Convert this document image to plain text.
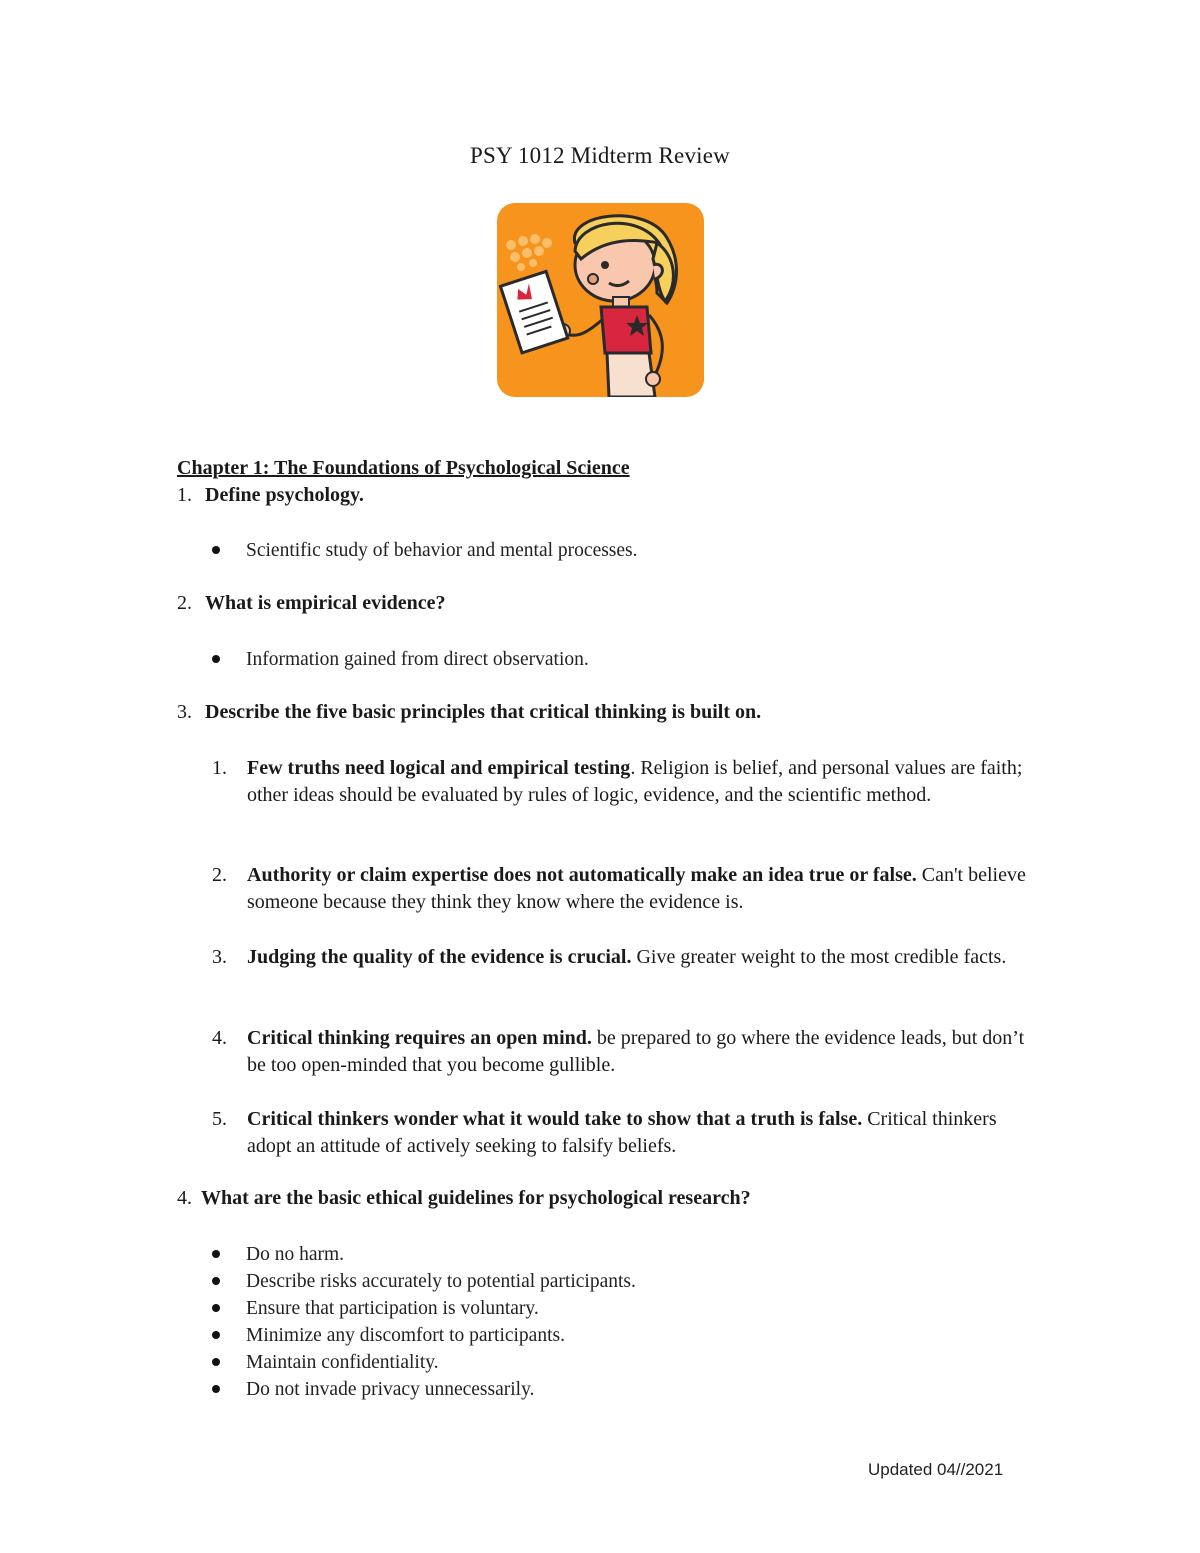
PSY 1012 Midterm Review
Chapter 1: The Foundations of Psychological Science
1. Define psychology.
Scientific study of behavior and mental processes.
2. What is empirical evidence?
Information gained from direct observation.
3. Describe the five basic principles that critical thinking is built on.
1. Few truths need logical and empirical testing. Religion is belief, and personal values are faith; other ideas should be evaluated by rules of logic, evidence, and the scientific method.
2. Authority or claim expertise does not automatically make an idea true or false. Can't believe someone because they think they know where the evidence is.
3. Judging the quality of the evidence is crucial. Give greater weight to the most credible facts.
4. Critical thinking requires an open mind. be prepared to go where the evidence leads, but don’t be too open-minded that you become gullible.
5. Critical thinkers wonder what it would take to show that a truth is false. Critical thinkers adopt an attitude of actively seeking to falsify beliefs.
4. What are the basic ethical guidelines for psychological research?
Do no harm.
Describe risks accurately to potential participants.
Ensure that participation is voluntary.
Minimize any discomfort to participants.
Maintain confidentiality.
Do not invade privacy unnecessarily.
Updated 04//2021
